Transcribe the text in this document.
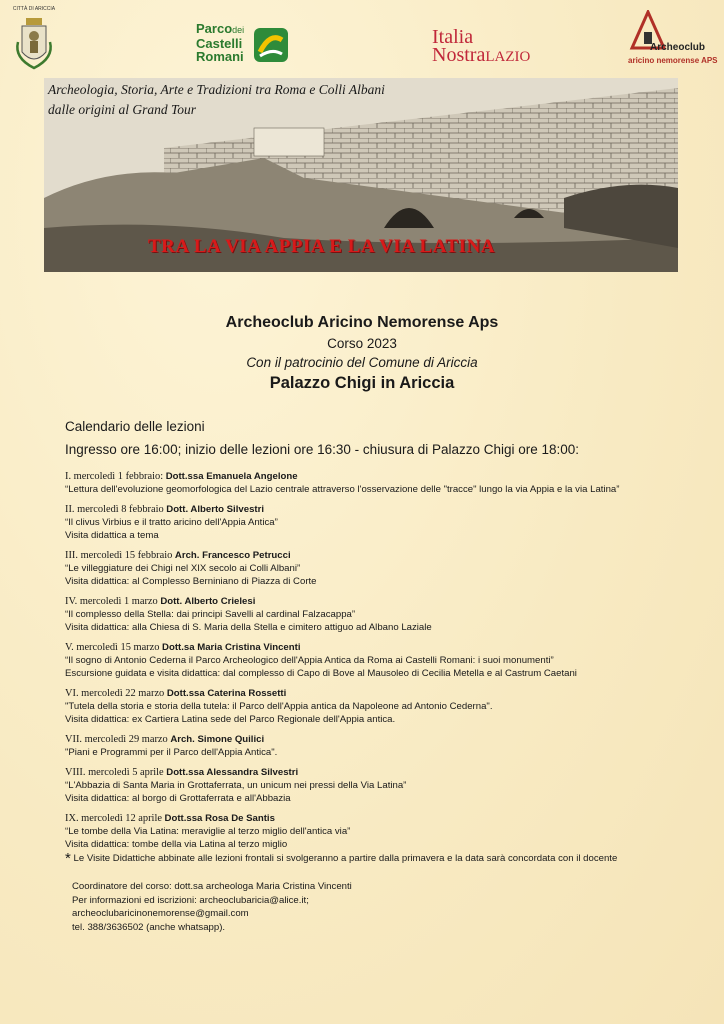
CITTÀ DI ARICCIA
Parcodei
Castelli
Romani
Italia
NostraLAZIO
Archeoclub
aricino nemorense APS
Archeologia, Storia, Arte e Tradizioni tra Roma e Colli Albani
dalle origini al Grand Tour
TRA LA VIA APPIA E LA VIA LATINA
Archeoclub Aricino Nemorense Aps
Corso 2023
Con il patrocinio del Comune di Ariccia
Palazzo Chigi in Ariccia
Calendario delle lezioni
Ingresso ore 16:00; inizio delle lezioni ore 16:30 - chiusura di Palazzo Chigi ore 18:00:
I. mercoledì 1 febbraio: Dott.ssa Emanuela Angelone
“Lettura dell'evoluzione geomorfologica del Lazio centrale attraverso l'osservazione delle "tracce" lungo la via Appia e la via Latina”
II. mercoledì 8 febbraio Dott. Alberto Silvestri
“Il clivus Virbius e il tratto aricino dell'Appia Antica”
Visita didattica a tema
III. mercoledì 15 febbraio Arch. Francesco Petrucci
“Le villeggiature dei Chigi nel XIX secolo ai Colli Albani”
Visita didattica: al Complesso Berniniano di Piazza di Corte
IV. mercoledì 1 marzo Dott. Alberto Crielesi
“Il complesso della Stella: dai principi Savelli al cardinal Falzacappa”
Visita didattica: alla Chiesa di S. Maria della Stella e cimitero attiguo ad Albano Laziale
V. mercoledì 15 marzo Dott.sa Maria Cristina Vincenti
“Il sogno di Antonio Cederna il Parco Archeologico dell'Appia Antica da Roma ai Castelli Romani: i suoi monumenti”
Escursione guidata e visita didattica: dal complesso di Capo di Bove al Mausoleo di Cecilia Metella e al Castrum Caetani
VI. mercoledì 22 marzo Dott.ssa Caterina Rossetti
"Tutela della storia e storia della tutela: il Parco dell'Appia antica da Napoleone ad Antonio Cederna".
Visita didattica: ex Cartiera Latina sede del Parco Regionale dell'Appia antica.
VII. mercoledì 29 marzo Arch. Simone Quilici
"Piani e Programmi per il Parco dell'Appia Antica".
VIII. mercoledì 5 aprile Dott.ssa Alessandra Silvestri
“L'Abbazia di Santa Maria in Grottaferrata, un unicum nei pressi della Via Latina”
Visita didattica: al borgo di Grottaferrata e all'Abbazia
IX. mercoledì 12 aprile Dott.ssa Rosa De Santis
“Le tombe della Via Latina: meraviglie al terzo miglio dell'antica via”
Visita didattica: tombe della via Latina al terzo miglio
* Le Visite Didattiche abbinate alle lezioni frontali si svolgeranno a partire dalla primavera e la data sarà concordata con il docente
Coordinatore del corso: dott.sa archeologa Maria Cristina Vincenti
Per informazioni ed iscrizioni: archeoclubaricia@alice.it;
archeoclubaricinonemorense@gmail.com
tel. 388/3636502 (anche whatsapp).
